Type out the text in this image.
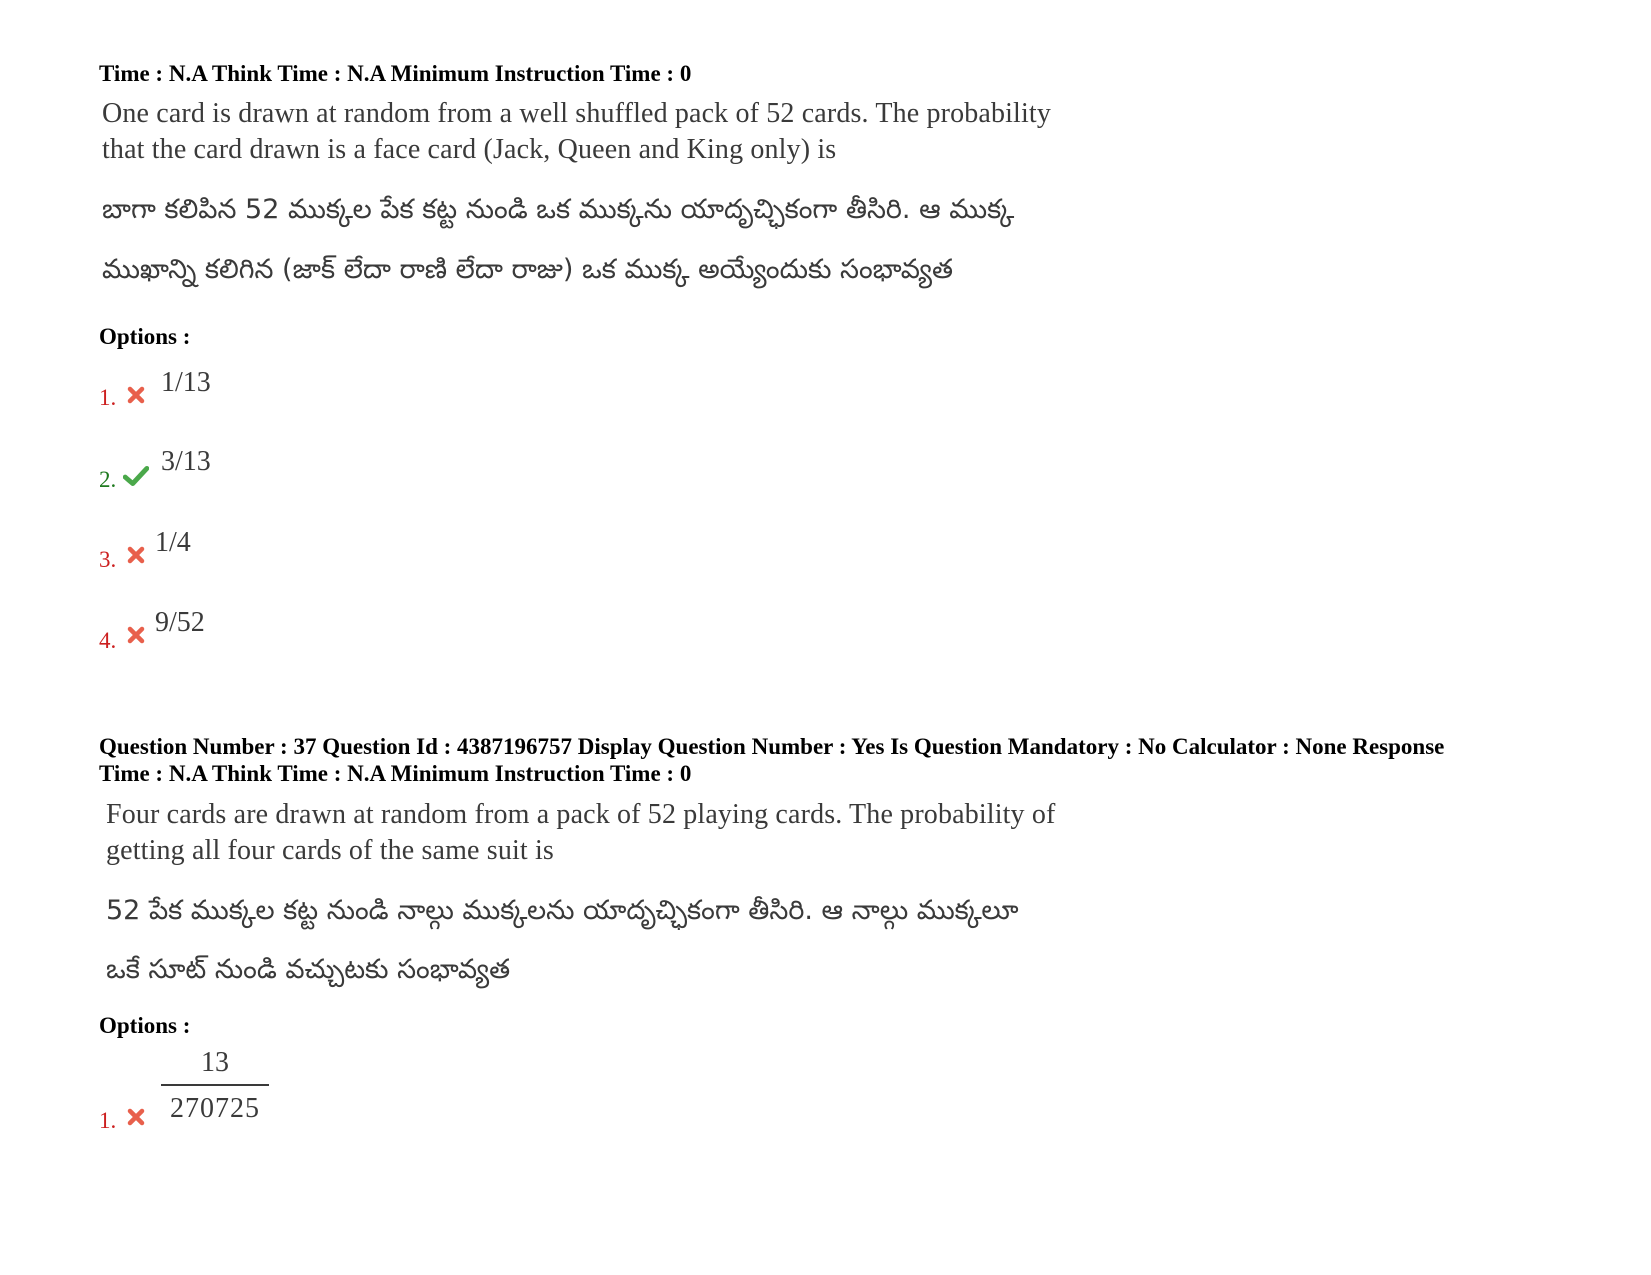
Time : N.A Think Time : N.A Minimum Instruction Time : 0
One card is drawn at random from a well shuffled pack of 52 cards. The probability
that the card drawn is a face card (Jack, Queen and King only) is
బాగా కలిపిన 52 ముక్కల పేక కట్ట నుండి ఒక ముక్కను యాదృచ్ఛికంగా తీసిరి. ఆ ముక్క
ముఖాన్ని కలిగిన (జాక్ లేదా రాణి లేదా రాజు) ఒక ముక్క అయ్యేందుకు సంభావ్యత
Options :
1. 1/13
2.
3/13
3.
1/4
4.
9/52
Question Number : 37 Question Id : 4387196757 Display Question Number : Yes Is Question Mandatory : No Calculator : None Response
Time : N.A Think Time : N.A Minimum Instruction Time : 0
Four cards are drawn at random from a pack of 52 playing cards. The probability of
getting all four cards of the same suit is
52 పేక ముక్కల కట్ట నుండి నాల్గు ముక్కలను యాదృచ్ఛికంగా తీసిరి. ఆ నాల్గు ముక్కలూ
ఒకే సూట్ నుండి వచ్చుటకు సంభావ్యత
Options :
1.
13
270725
